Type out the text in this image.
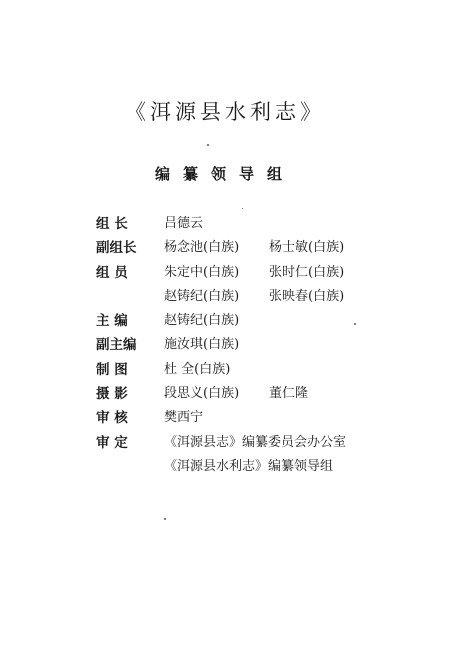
《洱源县水利志》
编纂领导组
组 长	吕德云
副组长	杨念池(白族) 杨士敏(白族)
组 员	朱定中(白族) 张时仁(白族)
赵铸纪(白族) 张映春(白族)
主 编	赵铸纪(白族)
副主编	施汝琪(白族)
制 图	杜 全(白族)
摄 影	段思义(白族) 董仁隆
审 核	樊西宁
审 定	《洱源县志》编纂委员会办公室
《洱源县水利志》编纂领导组
